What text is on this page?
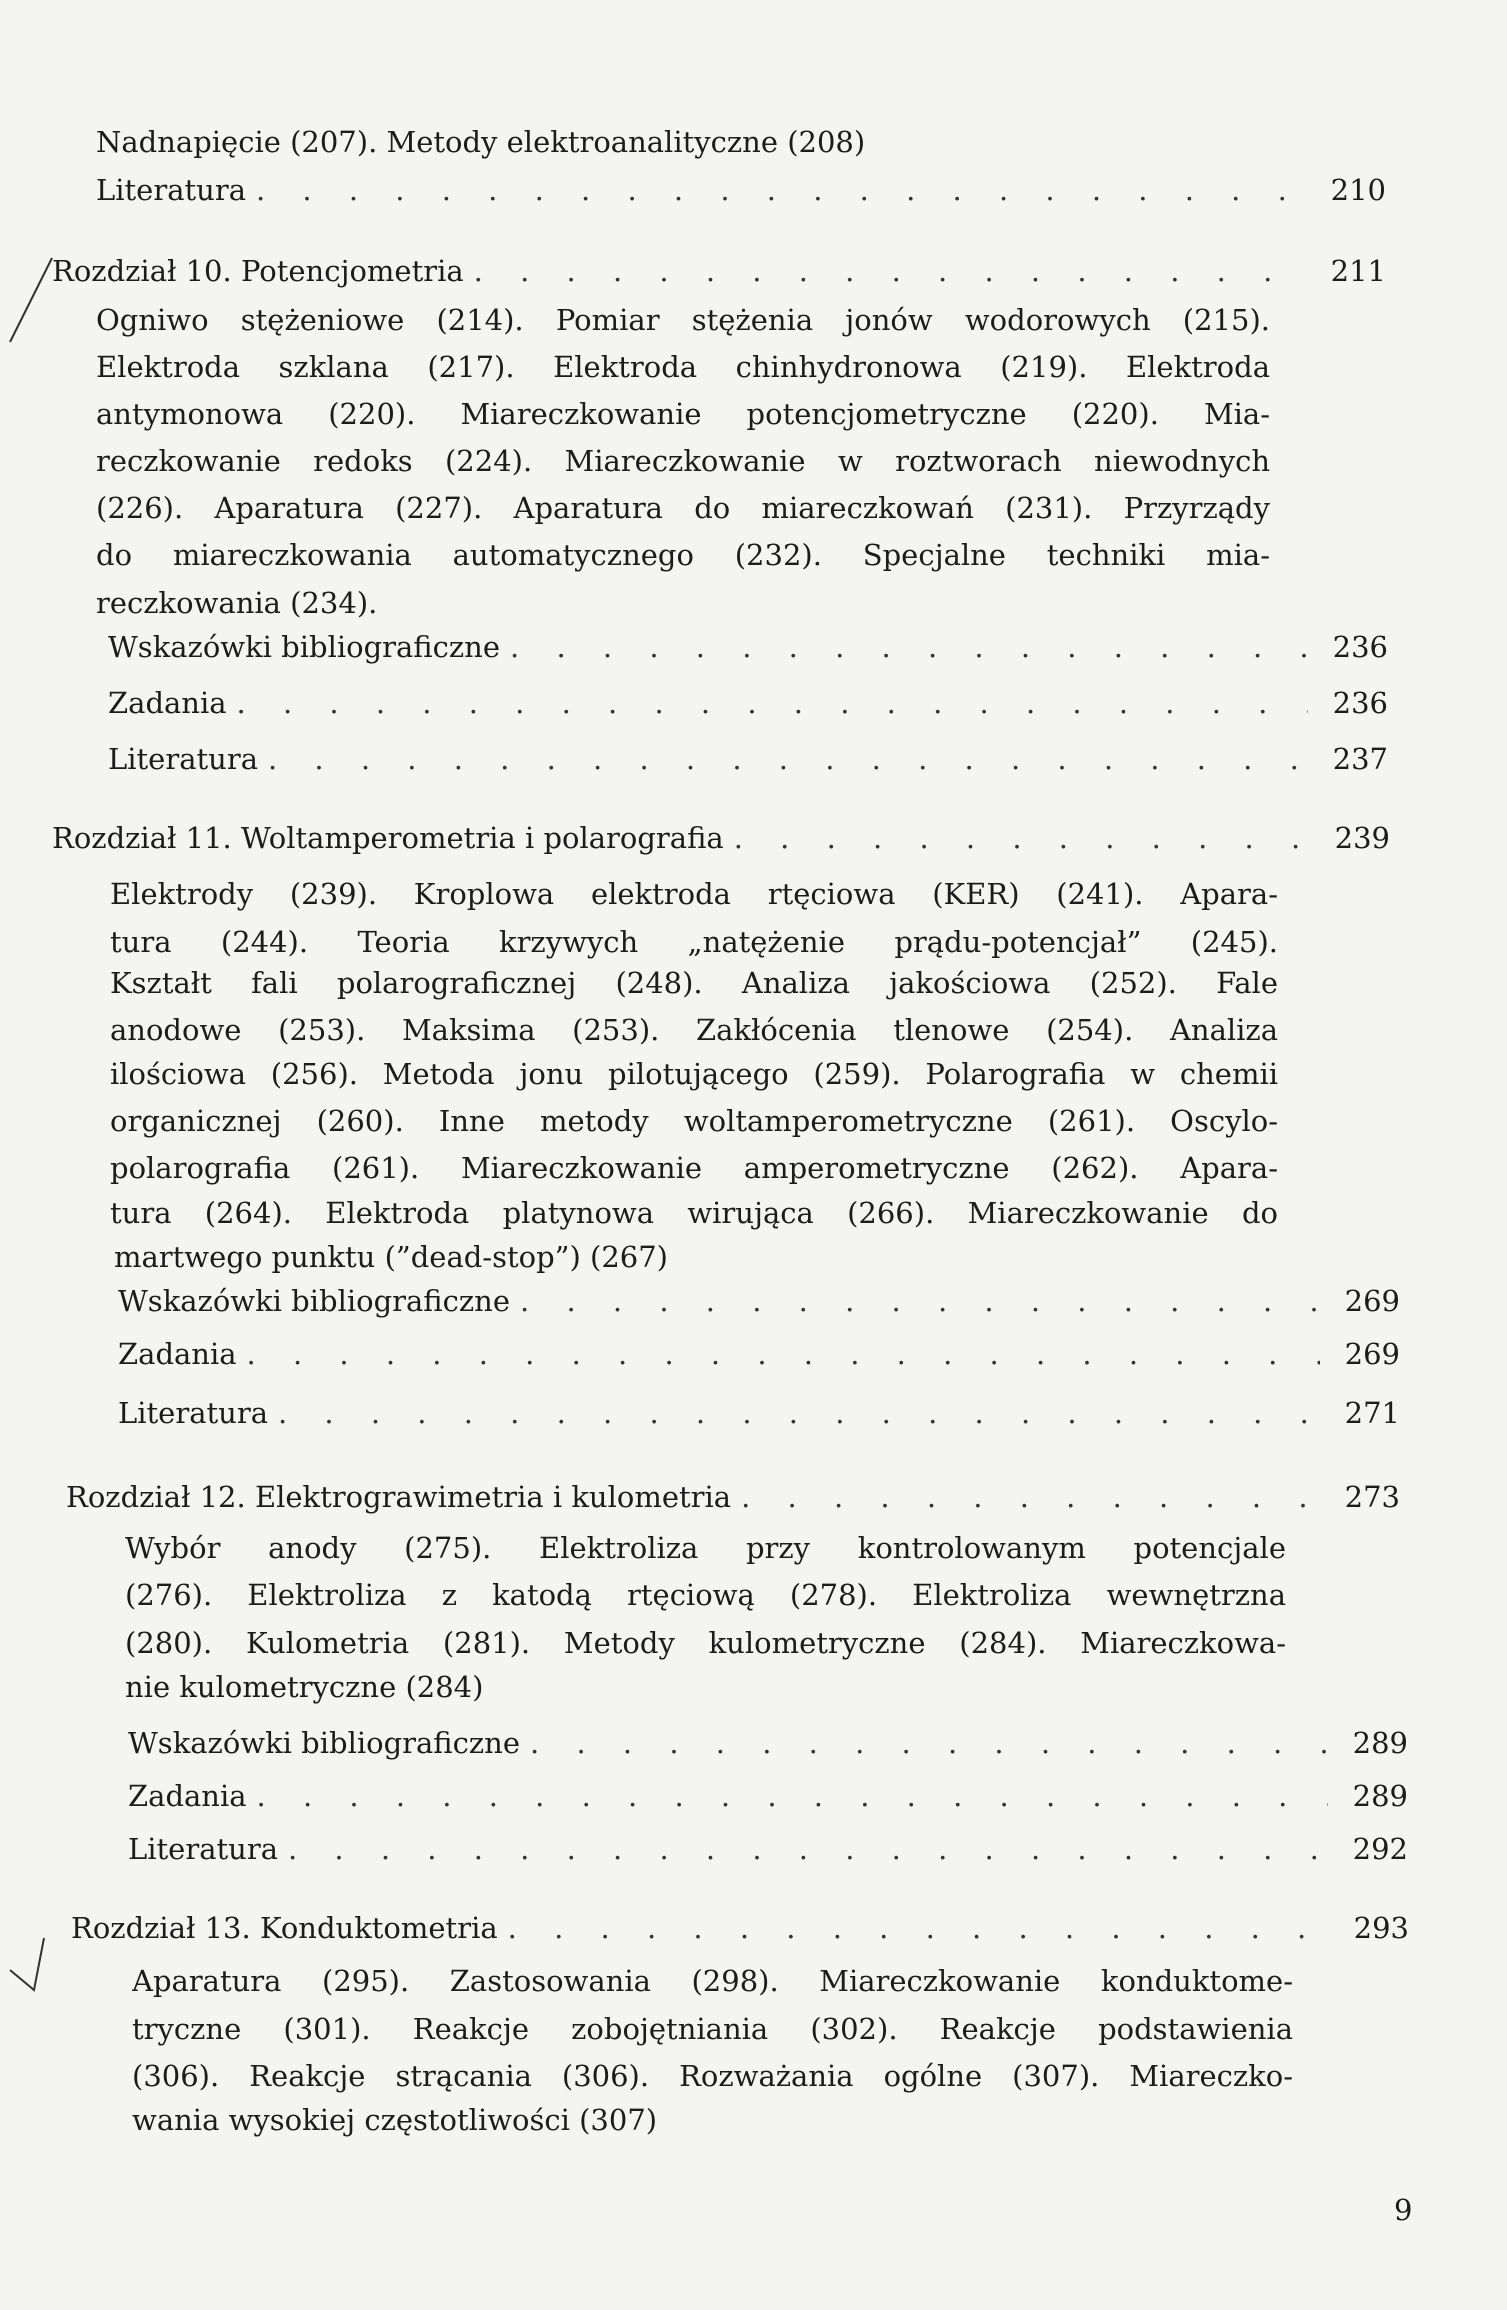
Nadnapięcie (207). Metody elektroanalityczne (208)
Literatura . . .	210
Rozdział 10. Potencjometria . . .	211
Ogniwo stężeniowe (214). Pomiar stężenia jonów wodorowych (215).
Elektroda szklana (217). Elektroda chinhydronowa (219). Elektroda
antymonowa (220). Miareczkowanie potencjometryczne (220). Mia-
reczkowanie redoks (224). Miareczkowanie w roztworach niewodnych
(226). Aparatura (227). Aparatura do miareczkowań (231). Przyrządy
do miareczkowania automatycznego (232). Specjalne techniki mia-
reczkowania (234).
Wskazówki bibliograficzne . . .	236
Zadania . . .	236
Literatura . . .	237
Rozdział 11. Woltamperometria i polarografia . . .	239
Elektrody (239). Kroplowa elektroda rtęciowa (KER) (241). Apara-
tura (244). Teoria krzywych „natężenie prądu-potencjał” (245).
Kształt fali polarograficznej (248). Analiza jakościowa (252). Fale
anodowe (253). Maksima (253). Zakłócenia tlenowe (254). Analiza
ilościowa (256). Metoda jonu pilotującego (259). Polarografia w chemii
organicznej (260). Inne metody woltamperometryczne (261). Oscylo-
polarografia (261). Miareczkowanie amperometryczne (262). Apara-
tura (264). Elektroda platynowa wirująca (266). Miareczkowanie do
martwego punktu (”dead-stop”) (267)
Wskazówki bibliograficzne . . .	269
Zadania . . .	269
Literatura . . .	271
Rozdział 12. Elektrograwimetria i kulometria . . .	273
Wybór anody (275). Elektroliza przy kontrolowanym potencjale
(276). Elektroliza z katodą rtęciową (278). Elektroliza wewnętrzna
(280). Kulometria (281). Metody kulometryczne (284). Miareczkowa-
nie kulometryczne (284)
Wskazówki bibliograficzne . . .	289
Zadania . . .	289
Literatura . . .	292
Rozdział 13. Konduktometria . . .	293
Aparatura (295). Zastosowania (298). Miareczkowanie konduktome-
tryczne (301). Reakcje zobojętniania (302). Reakcje podstawienia
(306). Reakcje strącania (306). Rozważania ogólne (307). Miareczko-
wania wysokiej częstotliwości (307)
9
